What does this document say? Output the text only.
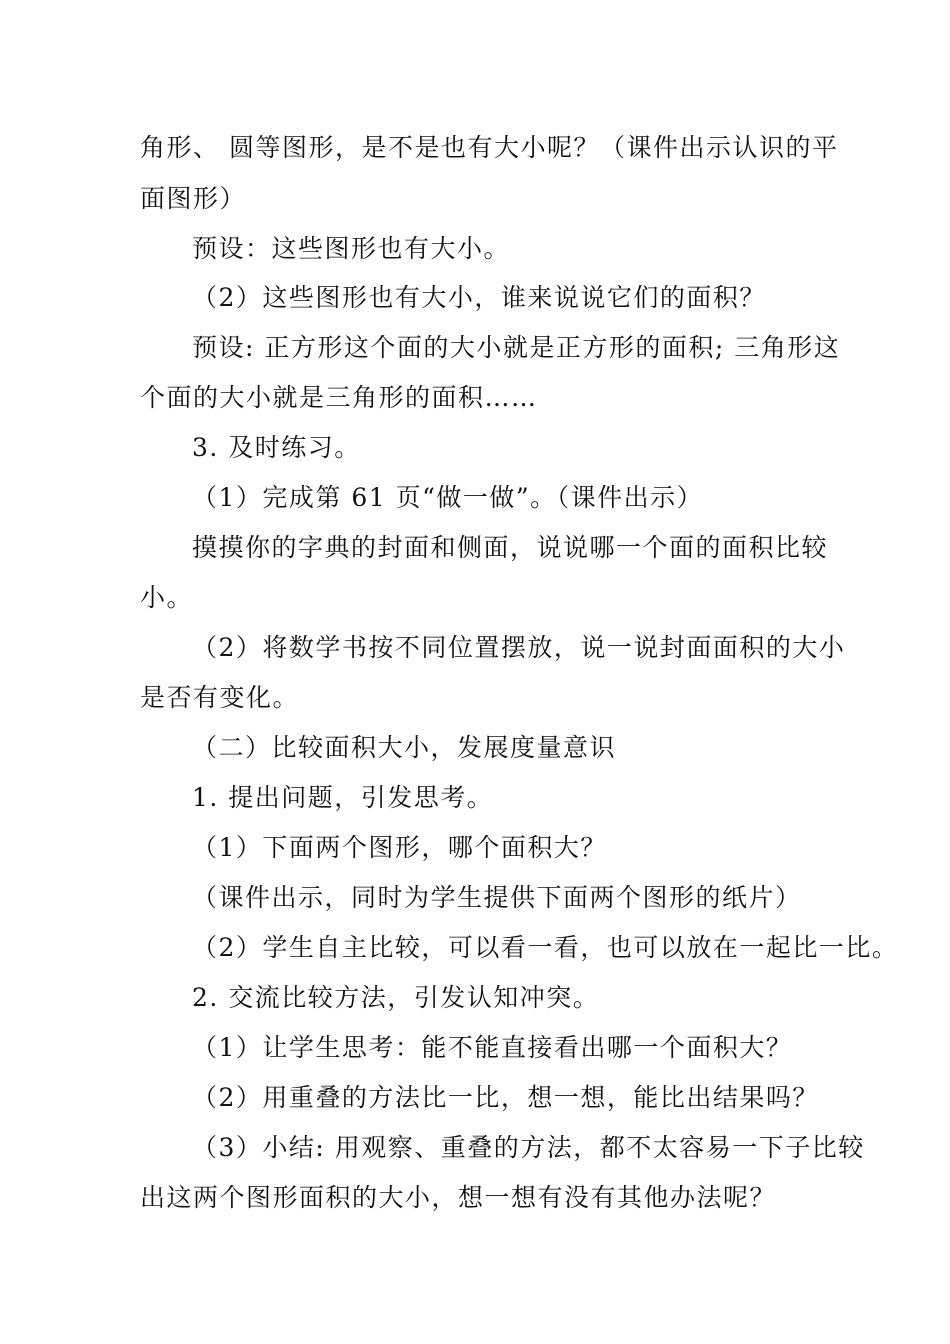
角形、 圆等图形，是不是也有大小呢？（课件出示认识的平
面图形）
预设：这些图形也有大小。
（2）这些图形也有大小，谁来说说它们的面积？
预设: 正方形这个面的大小就是正方形的面积; 三角形这
个面的大小就是三角形的面积……
3. 及时练习。
（1）完成第 61 页“做一做”。（课件出示）
摸摸你的字典的封面和侧面，说说哪一个面的面积比较
小。
（2）将数学书按不同位置摆放，说一说封面面积的大小
是否有变化。
（二）比较面积大小，发展度量意识
1. 提出问题，引发思考。
（1）下面两个图形，哪个面积大？
（课件出示，同时为学生提供下面两个图形的纸片）
（2）学生自主比较，可以看一看，也可以放在一起比一比。
2. 交流比较方法，引发认知冲突。
（1）让学生思考：能不能直接看出哪一个面积大？
（2）用重叠的方法比一比，想一想，能比出结果吗？
（3）小结: 用观察、重叠的方法，都不太容易一下子比较
出这两个图形面积的大小，想一想有没有其他办法呢？
